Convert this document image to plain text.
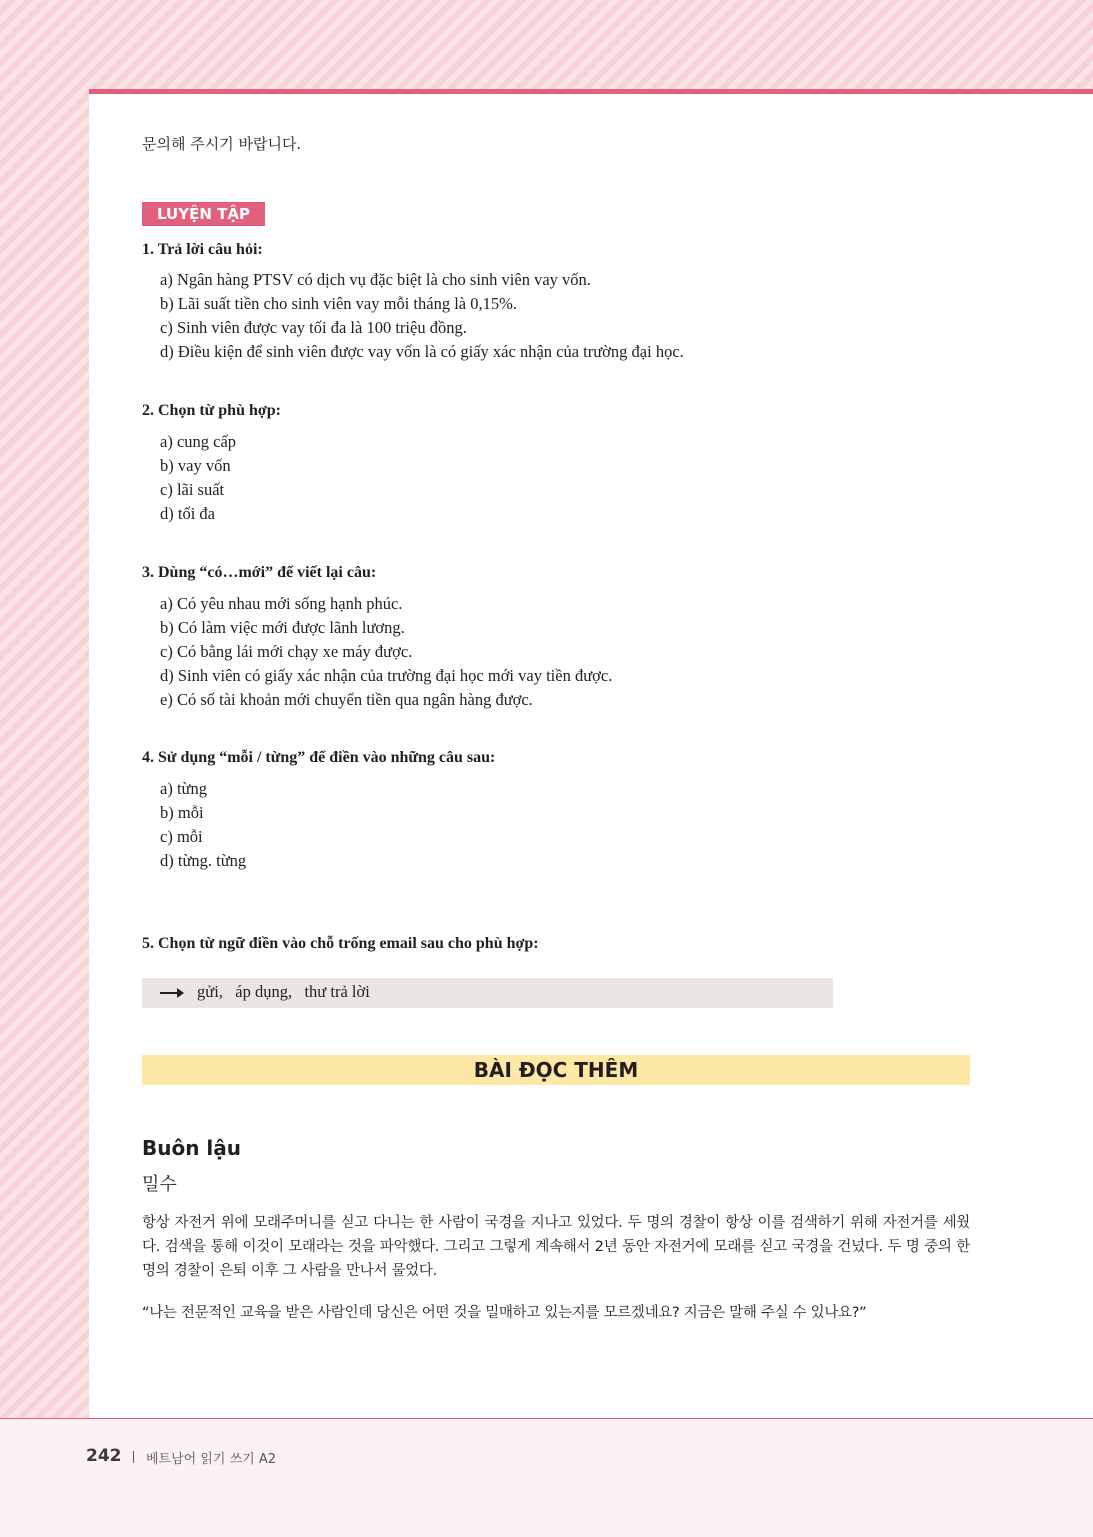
문의해 주시기 바랍니다.
LUYỆN TẬP
1. Trả lời câu hỏi:
a) Ngân hàng PTSV có dịch vụ đặc biệt là cho sinh viên vay vốn.
b) Lãi suất tiền cho sinh viên vay mỗi tháng là 0,15%.
c) Sinh viên được vay tối đa là 100 triệu đồng.
d) Điều kiện để sinh viên được vay vốn là có giấy xác nhận của trường đại học.
2. Chọn từ phù hợp:
a) cung cấp
b) vay vốn
c) lãi suất
d) tối đa
3. Dùng “có…mới” để viết lại câu:
a) Có yêu nhau mới sống hạnh phúc.
b) Có làm việc mới được lãnh lương.
c) Có bằng lái mới chạy xe máy được.
d) Sinh viên có giấy xác nhận của trường đại học mới vay tiền được.
e) Có số tài khoản mới chuyển tiền qua ngân hàng được.
4. Sử dụng “mỗi / từng” để điền vào những câu sau:
a) từng
b) mỗi
c) mỗi
d) từng. từng
5. Chọn từ ngữ điền vào chỗ trống email sau cho phù hợp:
gửi,   áp dụng,   thư trả lời
BÀI ĐỌC THÊM
Buôn lậu
밀수
항상 자전거 위에 모래주머니를 싣고 다니는 한 사람이 국경을 지나고 있었다. 두 명의 경찰이 항상 이를 검색하기 위해 자전거를 세웠다. 검색을 통해 이것이 모래라는 것을 파악했다. 그리고 그렇게 계속해서 2년 동안 자전거에 모래를 싣고 국경을 건넜다. 두 명 중의 한 명의 경찰이 은퇴 이후 그 사람을 만나서 물었다.
“나는 전문적인 교육을 받은 사람인데 당신은 어떤 것을 밀매하고 있는지를 모르겠네요? 지금은 말해 주실 수 있나요?”
242 베트남어 읽기 쓰기 A2
